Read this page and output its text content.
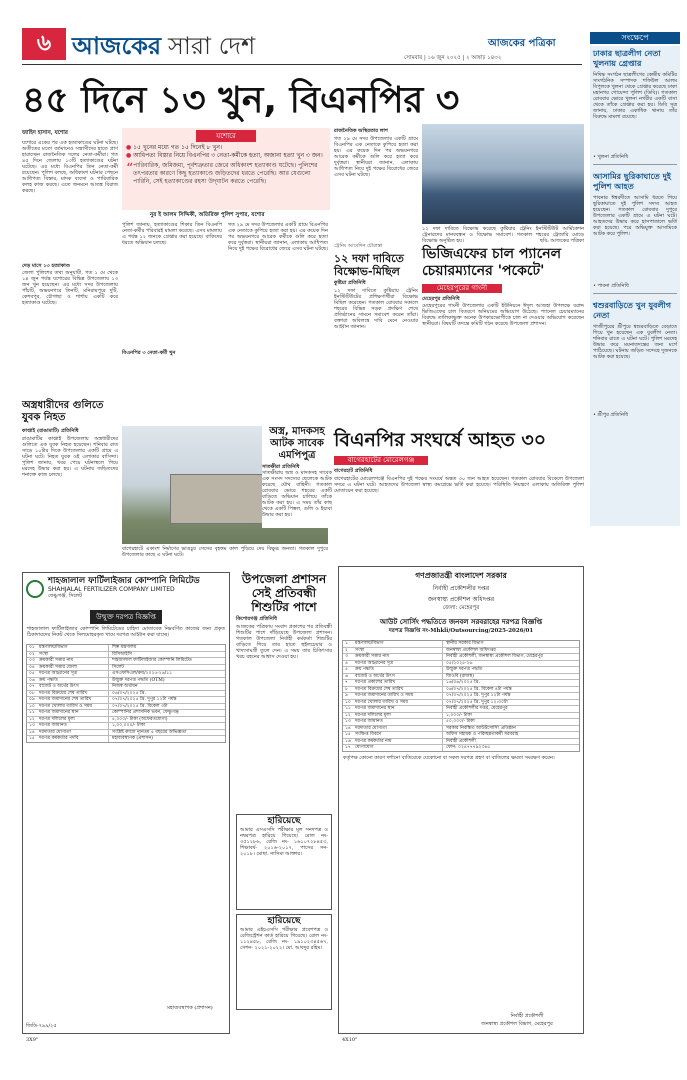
৬ আজকের সারা দেশ	আজকের পত্রিকা
সোমবার | ১৬ জুন ২০২৫ | ২ আষাঢ় ১৪৩২
সংক্ষেপে
ঢাকার ছাত্রলীগ নেতা খুলনায় গ্রেপ্তার
নিষিদ্ধ সংগঠন ছাত্রলীগের কেন্দ্রীয় কমিটির সাংগঠনিক সম্পাদক শফিউল আলম বিপুলকে খুলনা থেকে গ্রেপ্তার করেছে ঢাকা মহানগর গোয়েন্দা পুলিশ (ডিবি)। গতকাল রোববার ভোরে খুলনা নগরীর একটি বাসা থেকে তাঁকে গ্রেপ্তার করা হয়। ডিবি সূত্র জানায়, ঢাকার একাধিক থানায় তাঁর বিরুদ্ধে মামলা রয়েছে।
• খুলনা প্রতিনিধি
আসামির ছুরিকাঘাতে দুই পুলিশ আহত
পাবনার ঈশ্বরদীতে আসামি ধরতে গিয়ে ছুরিকাঘাতে দুই পুলিশ সদস্য আহত হয়েছেন। গতকাল রোববার দুপুরে উপজেলার একটি গ্রামে এ ঘটনা ঘটে। আহতদের উদ্ধার করে হাসপাতালে ভর্তি করা হয়েছে। পরে অভিযুক্ত আসামিকে আটক করে পুলিশ।
• পাবনা প্রতিনিধি
শ্বশুরবাড়িতে খুন যুবলীগ নেতা
গাজীপুরের শ্রীপুরে শ্বশুরবাড়িতে বেড়াতে গিয়ে খুন হয়েছেন এক যুবলীগ নেতা। শনিবার রাতে এ ঘটনা ঘটে। পুলিশ মরদেহ উদ্ধার করে ময়নাতদন্তের জন্য মর্গে পাঠিয়েছে। ঘটনায় জড়িত সন্দেহে দুজনকে আটক করা হয়েছে।
• শ্রীপুর প্রতিনিধি
৪৫ দিনে ১৩ খুন, বিএনপির ৩
জাহিদ হাসান, যশোর
যশোরে একের পর এক হত্যাকাণ্ডের ঘটনা ঘটছে। অতীতের মতো বর্তমানেও সন্ত্রাসীদের হাতে প্রাণ হারাচ্ছেন রাজনৈতিক দলের নেতা-কর্মীরা। গত ৪৫ দিনে জেলায় ১৩টি হত্যাকাণ্ডের ঘটনা ঘটেছে। এর মধ্যে বিএনপির তিন নেতা-কর্মী রয়েছেন। পুলিশ বলছে, অধিকাংশ ঘটনার পেছনে আধিপত্য বিস্তার, মাদক ব্যবসা ও পারিবারিক কলহ কাজ করছে। এতে জনমনে আতঙ্ক বিরাজ করছে।
দেড় মাসে ১৩ হত্যাকাণ্ড
জেলা পুলিশের তথ্য অনুযায়ী, গত ১ মে থেকে ১৪ জুন পর্যন্ত যশোরের বিভিন্ন উপজেলায় ১৩ জন খুন হয়েছেন। এর মধ্যে সদর উপজেলায় পাঁচটি, অভয়নগরে তিনটি, মনিরামপুরে দুটি, কেশবপুর, চৌগাছা ও শার্শায় একটি করে হত্যাকাণ্ড ঘটেছে।
যশোরে
● ১৫ খুনের মধ্যে গত ১৫ দিনেই ৮ খুন।
● আধিপত্য বিস্তার নিয়ে বিএনপির ৩ নেতা-কর্মীকে হত্যা, অজানা হত্যা খুন ৩ জন।
“ পারিবারিক, জমিজমা, পূর্বশত্রুতার জেরে অধিকাংশ হত্যাকাণ্ড ঘটেছে। পুলিশের তৎপরতার কারণে কিছু হত্যাকাণ্ডে জড়িতদের ধরতে পেরেছি। আর যেগুলো পারিনি, সেই হত্যাকাণ্ডের রহস্য উদ্‌ঘাটন করতে পেরেছি।
নুর ই আলম সিদ্দিকী, অতিরিক্ত পুলিশ সুপার, যশোর
পুলিশ জানায়, হত্যাকাণ্ডের শিকার তিন বিএনপি নেতা-কর্মীর পরিবারই মামলা করেছে। এসব মামলায় এ পর্যন্ত ১২ জনকে গ্রেপ্তার করা হয়েছে। বাকিদের ধরতে অভিযান চলছে।
বিএনপির ৩ নেতা-কর্মী খুন
গত ২৯ মে সদর উপজেলার একটি গ্রামে বিএনপির এক নেতাকে কুপিয়ে হত্যা করা হয়। এর কয়েক দিন পর অভয়নগরে আরেক কর্মীকে গুলি করে হত্যা করে দুর্বৃত্তরা। স্থানীয়রা জানান, এলাকায় আধিপত্য নিয়ে দুই পক্ষের বিরোধের জেরে এসব ঘটনা ঘটছে।
রাজনৈতিক অস্থিরতার লাশ
গত ২৯ মে সদর উপজেলার একটি গ্রামে বিএনপির এক নেতাকে কুপিয়ে হত্যা করা হয়। এর কয়েক দিন পর অভয়নগরে আরেক কর্মীকে গুলি করে হত্যা করে দুর্বৃত্তরা। স্থানীয়রা জানান, এলাকায় আধিপত্য নিয়ে দুই পক্ষের বিরোধের জেরে এসব ঘটনা ঘটছে।
১২ দফা দাবিতে বিক্ষোভ করেছে কুষ্টিয়ার ট্রেনিং ইনস্টিটিউট আর্মিকেশন ট্রেনারদের মানববন্ধন ও বিক্ষোভ সমাবেশ। গতকাল শহরের ট্রেজারি মোড়ে বিক্ষোভ অনুষ্ঠিত হয়।	ছবি: আজকের পত্রিকা
ট্রেনিং আবেদিন চৌরাস্তা
১২ দফা দাবিতে বিক্ষোভ-মিছিল
কুষ্টিয়া প্রতিনিধি
১২ দফা দাবিতে কুষ্টিয়ায় ট্রেনিং ইনস্টিটিউটের প্রশিক্ষণার্থীরা বিক্ষোভ মিছিল করেছেন। গতকাল রোববার সকালে শহরের বিভিন্ন সড়ক প্রদক্ষিণ শেষে প্রতিষ্ঠানের সামনে সমাবেশ করেন তাঁরা। বক্তারা অবিলম্বে দাবি মেনে নেওয়ার আহ্বান জানান।
ভিজিএফের চাল প্যানেল চেয়ারম্যানের 'পকেটে'
মেহেরপুরের গাংনী
মেহেরপুর প্রতিনিধি
মেহেরপুরের গাংনী উপজেলার একটি ইউনিয়নে ঈদুল আজহা উপলক্ষে বরাদ্দ ভিজিএফের চাল বিতরণে অনিয়মের অভিযোগ উঠেছে। প্যানেল চেয়ারম্যানের বিরুদ্ধে তালিকাভুক্ত অনেক উপকারভোগীকে চাল না দেওয়ার অভিযোগ করেছেন স্থানীয়রা। বিষয়টি তদন্তে কমিটি গঠন করেছে উপজেলা প্রশাসন।
অস্ত্রধারীদের গুলিতে যুবক নিহত
কাপ্তাই (রাঙামাটি) প্রতিনিধি
রাঙামাটির কাপ্তাই উপজেলায় অস্ত্রধারীদের গুলিতে এক যুবক নিহত হয়েছেন। শনিবার রাত সাড়ে ১০টার দিকে উপজেলার একটি গ্রামে এ ঘটনা ঘটে। নিহত যুবক ওই এলাকার বাসিন্দা। পুলিশ জানায়, খবর পেয়ে ঘটনাস্থলে গিয়ে মরদেহ উদ্ধার করা হয়। এ ঘটনায় জড়িতদের শনাক্তে কাজ চলছে।
বাগেরহাটে একাংশ নির্মাণের ভাঙচুর সেসের বৃহত্তম কাল পুড়িয়ে দেয় বিক্ষুব্ধ জনতা। গতকাল দুপুরে উপজেলার কাছে এ ঘটনা ঘটে।
বিএনপির সংঘর্ষে আহত ৩০
বাগেরহাটের মোরেলগঞ্জ
বাগেরহাট প্রতিনিধি
বাগেরহাটের মোরেলগঞ্জে বিএনপির দুই পক্ষের সংঘর্ষে অন্তত ৩০ জন আহত হয়েছেন। গতকাল রোববার বিকেলে উপজেলা সদরে এ ঘটনা ঘটে। আহতদের উপজেলা স্বাস্থ্য কমপ্লেক্সে ভর্তি করা হয়েছে। পরিস্থিতি নিয়ন্ত্রণে এলাকায় অতিরিক্ত পুলিশ মোতায়েন করা হয়েছে।
অস্ত্র, মাদকসহ আটক সাবেক এমপিপুত্র
সাতক্ষীরা প্রতিনিধি
সাতক্ষীরায় অস্ত্র ও মাদকসহ সাবেক এক সংসদ সদস্যের ছেলেকে আটক করেছে যৌথ বাহিনী। গতকাল রোববার ভোরে শহরের একটি বাড়িতে অভিযান চালিয়ে তাঁকে আটক করা হয়। এ সময় তাঁর কাছ থেকে একটি পিস্তল, গুলি ও ইয়াবা উদ্ধার করা হয়।
উপজেলা প্রশাসন সেই প্রতিবন্ধী শিশুটির পাশে
কিশোরগঞ্জ প্রতিনিধি
আজকের পত্রিকায় সংবাদ প্রকাশের পর প্রতিবন্ধী শিশুটির পাশে দাঁড়িয়েছে উপজেলা প্রশাসন। গতকাল উপজেলা নির্বাহী কর্মকর্তা শিশুটির বাড়িতে গিয়ে তার হাতে হুইলচেয়ার ও খাদ্যসামগ্রী তুলে দেন। এ সময় তার চিকিৎসার খরচ বহনের আশ্বাস দেওয়া হয়।
হারিয়েছে
আমার এসএসসি পরীক্ষার মূল সনদপত্র ও নম্বরপত্র হারিয়ে গিয়েছে। রোল নং- ৩৫১২৮৬, রেজি নং- ১৬১০৭২৮৪৫৩, শিক্ষাবর্ষ- ২০১৬-২০১৭, পাসের সন- ২০১৮। মোছা. নাসিমা আক্তার।
হারিয়েছে
আমার এইচএসসি পরীক্ষার প্রবেশপত্র ও রেজিস্ট্রেশন কার্ড হারিয়ে গিয়েছে। রোল নং- ১১২৪৫৮, রেজি নং- ১৯১০২৩৪৫৬৭, সেশন- ২০২১-২০২২। মো. আবদুর রহিম।
শাহজালাল ফার্টিলাইজার কোম্পানি লিমিটেড
SHAHJALAL FERTILIZER COMPANY LIMITED
ফেঞ্চুগঞ্জ, সিলেট
উন্মুক্ত দরপত্র বিজ্ঞপ্তি
শাহজালাল ফার্টিলাইজার কোম্পানি লিমিটেডের চাহিদা মোতাবেক নিম্নবর্ণিত কাজের জন্য প্রকৃত ঠিকাদারদের নিকট থেকে সিলমোহরকৃত খামে দরপত্র আহ্বান করা যাচ্ছে।
০১ মন্ত্রণালয়/বিভাগ	শিল্প মন্ত্রণালয়
০২ সংস্থা	বিসিআইসি
০৩ ক্রয়কারী সত্তার নাম	শাহজালাল ফার্টিলাইজার কোম্পানি লিমিটেড
০৪ ক্রয়কারী সত্তার জেলা	সিলেট
০৫ দরপত্র আহ্বানের সূত্র	এসএফসিএল/ক্রয়/২০২৫-২৬/১১
০৬ ক্রয় পদ্ধতি	উন্মুক্ত দরপত্র পদ্ধতি (OTM)
০৭ বাজেট ও অর্থের উৎস	নিজস্ব অর্থায়ন
০৮ দরপত্র বিক্রয়ের শেষ তারিখ	০৬/০৭/২০২৫ খ্রি.
০৯ দরপত্র জমাদানের শেষ তারিখ	০৭/০৭/২০২৫ খ্রি. দুপুর ১২টা পর্যন্ত
১০ দরপত্র খোলার তারিখ ও সময়	০৭/০৭/২০২৫ খ্রি. বিকেল ৩টা
১১ দরপত্র জমাদানের স্থান	কোম্পানির প্রশাসনিক ভবন, ফেঞ্চুগঞ্জ
১২ দরপত্র দলিলের মূল্য	৫,০০০/- টাকা (অফেরতযোগ্য)
১৩ দরপত্র জামানত	১,০০,০০০/- টাকা
১৪ দরদাতার যোগ্যতা	সংশ্লিষ্ট কাজে ন্যূনতম ৫ বছরের অভিজ্ঞতা
১৫ দরপত্র কর্মকর্তার পদবি	মহাব্যবস্থাপক (প্রশাসন)
মহাব্যবস্থাপক (প্রশাসন)
জিডি-৭৯৯/২৫
3X9"
গণপ্রজাতন্ত্রী বাংলাদেশ সরকার
নির্বাহী প্রকৌশলীর দপ্তর
জনস্বাস্থ্য প্রকৌশল অধিদপ্তর
জেলা: মেহেরপুর
আউট সোর্সিং পদ্ধতিতে জনবল সরবরাহের দরপত্র বিজ্ঞপ্তি
দরপত্র বিজ্ঞপ্তি নং-Mhkli/Outsourcing/2025-2026/01
১	মন্ত্রণালয়/বিভাগ	স্থানীয় সরকার বিভাগ
২	সংস্থা	জনস্বাস্থ্য প্রকৌশল অধিদপ্তর
৩	ক্রয়কারী সত্তার নাম	নির্বাহী প্রকৌশলী, জনস্বাস্থ্য প্রকৌশল বিভাগ, মেহেরপুর
৪	দরপত্র আহ্বানের সূত্র	০৫/২০২৫-২৬
৫	ক্রয় পদ্ধতি	উন্মুক্ত দরপত্র পদ্ধতি
৬	বাজেট ও অর্থের উৎস	জিওবি (রাজস্ব)
৭	দরপত্র প্রকাশের তারিখ	১৬/০৬/২০২৫ খ্রি.
৮	দরপত্র বিক্রয়ের শেষ তারিখ	০৬/০৭/২০২৫ খ্রি. বিকেল ৪টা পর্যন্ত
৯	দরপত্র জমাদানের তারিখ ও সময়	০৭/০৭/২০২৫ খ্রি. দুপুর ১২টা পর্যন্ত
১০ দরপত্র খোলার তারিখ ও সময়	০৭/০৭/২০২৫ খ্রি. দুপুর ১২:৩০টা
১১ দরপত্র জমাদানের স্থান	নির্বাহী প্রকৌশলীর দপ্তর, মেহেরপুর
১২ দরপত্র দলিলের মূল্য	১,০০০/- টাকা
১৩ দরপত্র জামানত	৫০,০০০/- টাকা
১৪ দরদাতার যোগ্যতা	সরকার নিবন্ধিত আউটসোর্সিং প্রতিষ্ঠান
১৫ সংক্ষিপ্ত বিবরণ	অফিস সহায়ক ও পরিচ্ছন্নতাকর্মী সরবরাহ
১৬ দরপত্র কর্মকর্তার নাম	নির্বাহী প্রকৌশলী
১৭ যোগাযোগ	ফোন: ০২৪৭৭৭৯২৩৪৫
কর্তৃপক্ষ কোনো কারণ দর্শানো ব্যতিরেকে যেকোনো বা সকল দরপত্র গ্রহণ বা বাতিলের ক্ষমতা সংরক্ষণ করেন।
নির্বাহী প্রকৌশলী
জনস্বাস্থ্য প্রকৌশল বিভাগ, মেহেরপুর
4X10"
